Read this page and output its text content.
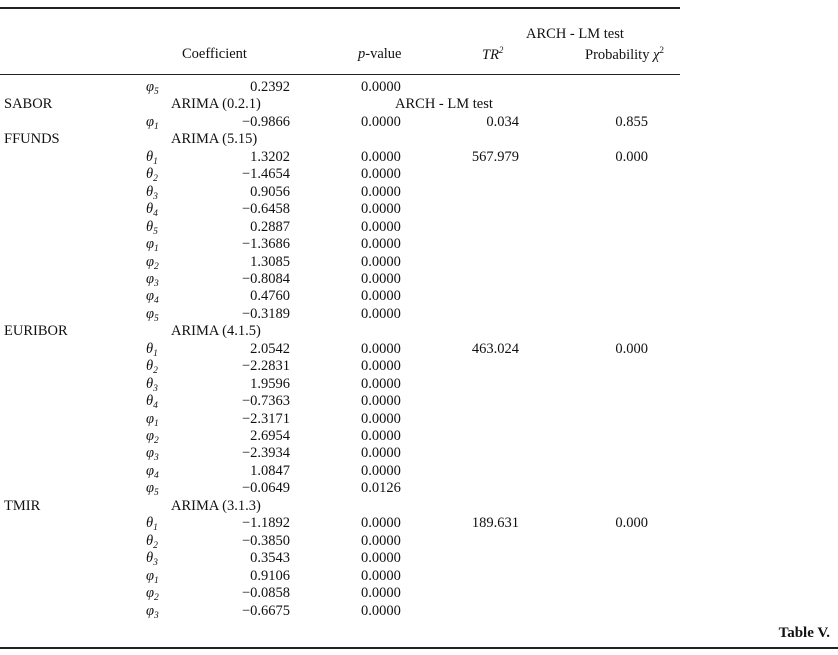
ARCH - LM test
Coefficient	p-value	$TR^2$	Probability $\chi^2$
$\varphi_5$	0.2392	0.0000
SABOR	ARIMA (0.2.1)	ARCH - LM test
$\varphi_1$	−0.9866	0.0000	0.034	0.855
FFUNDS	ARIMA (5.15)
$\theta_1$	1.3202	0.0000	567.979	0.000
$\theta_2$	−1.4654	0.0000
$\theta_3$	0.9056	0.0000
$\theta_4$	−0.6458	0.0000
$\theta_5$	0.2887	0.0000
$\varphi_1$	−1.3686	0.0000
$\varphi_2$	1.3085	0.0000
$\varphi_3$	−0.8084	0.0000
$\varphi_4$	0.4760	0.0000
$\varphi_5$	−0.3189	0.0000
EURIBOR	ARIMA (4.1.5)
$\theta_1$	2.0542	0.0000	463.024	0.000
$\theta_2$	−2.2831	0.0000
$\theta_3$	1.9596	0.0000
$\theta_4$	−0.7363	0.0000
$\varphi_1$	−2.3171	0.0000
$\varphi_2$	2.6954	0.0000
$\varphi_3$	−2.3934	0.0000
$\varphi_4$	1.0847	0.0000
$\varphi_5$	−0.0649	0.0126
TMIR	ARIMA (3.1.3)
$\theta_1$	−1.1892	0.0000	189.631	0.000
$\theta_2$	−0.3850	0.0000
$\theta_3$	0.3543	0.0000
$\varphi_1$	0.9106	0.0000
$\varphi_2$	−0.0858	0.0000
$\varphi_3$	−0.6675	0.0000
Table V.
